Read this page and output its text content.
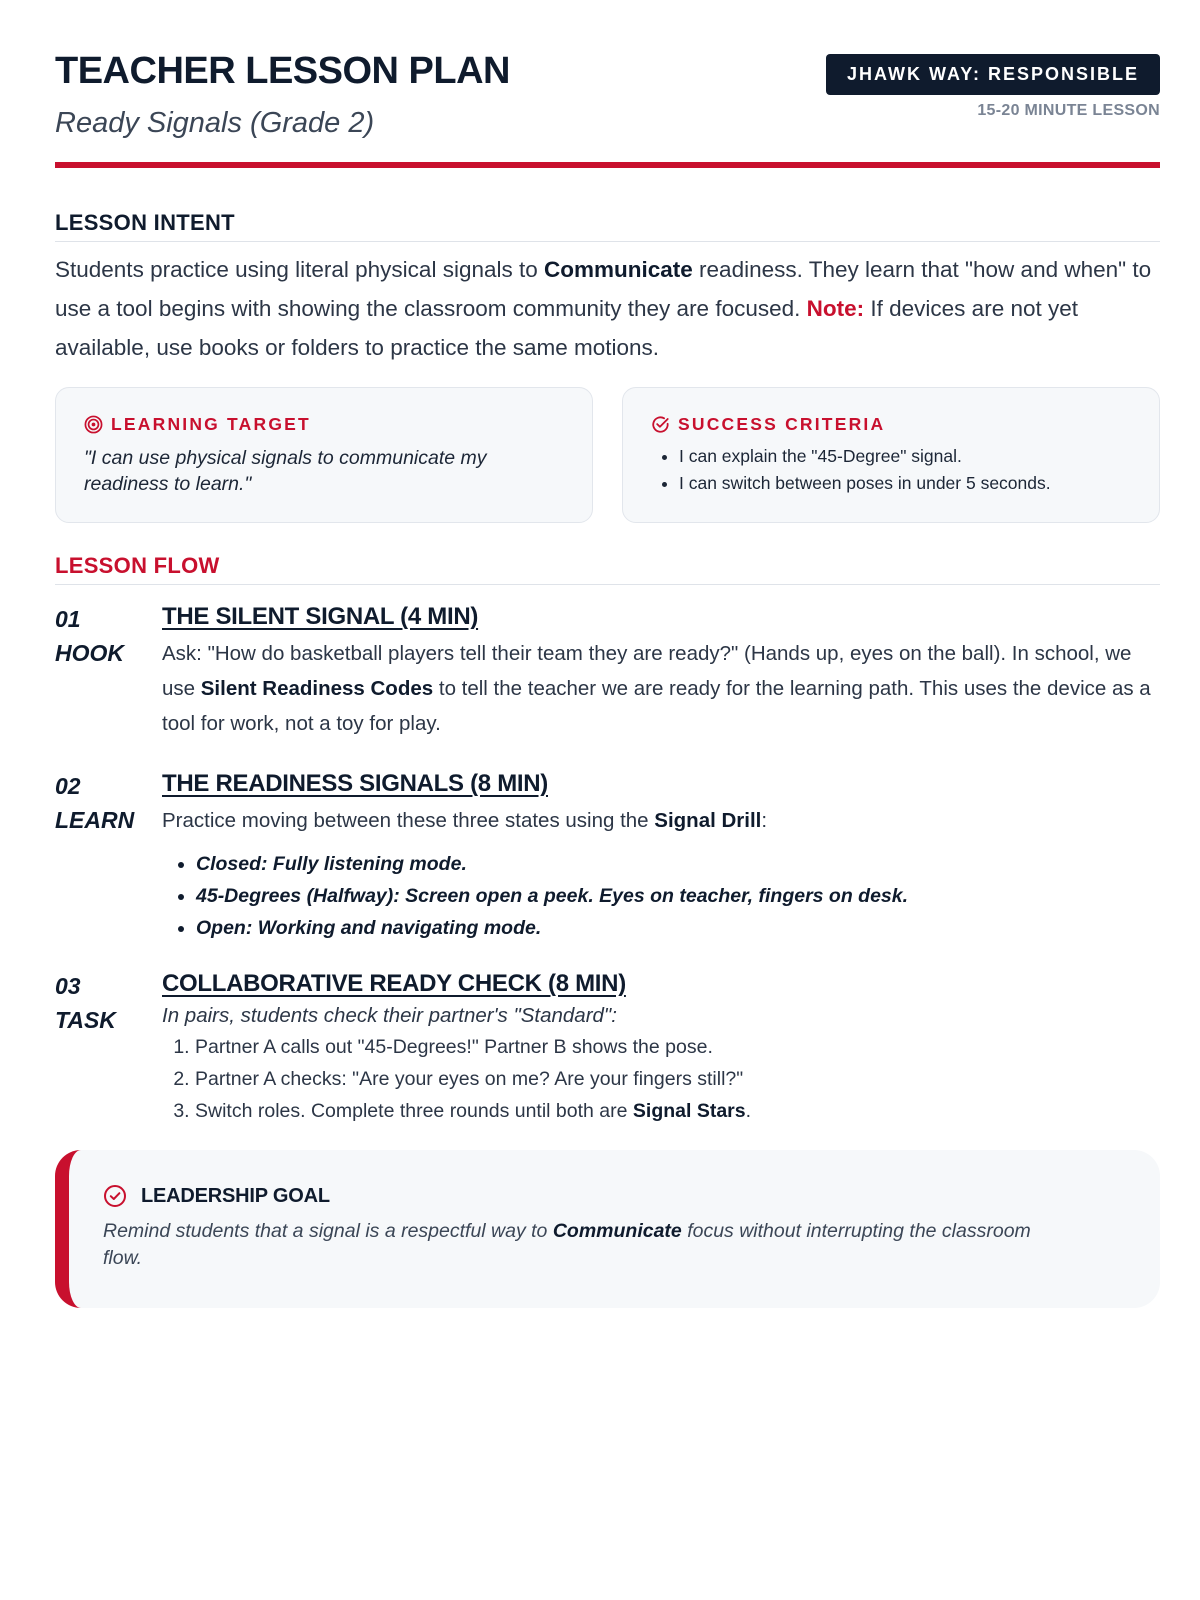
TEACHER LESSON PLAN
Ready Signals (Grade 2)
JHAWK WAY: RESPONSIBLE
15-20 MINUTE LESSON
LESSON INTENT

Students practice using literal physical signals to Communicate readiness. They learn that "how and when" to use a tool begins with showing the classroom community they are focused. Note: If devices are not yet available, use books or folders to practice the same motions.

LEARNING TARGET
"I can use physical signals to communicate my readiness to learn."
SUCCESS CRITERIA
• I can explain the "45-Degree" signal.
• I can switch between poses in under 5 seconds.
LESSON FLOW
01
HOOK
THE SILENT SIGNAL (4 MIN)

Ask: "How do basketball players tell their team they are ready?" (Hands up, eyes on the ball). In school, we use Silent Readiness Codes to tell the teacher we are ready for the learning path. This uses the device as a tool for work, not a toy for play.

02
LEARN
THE READINESS SIGNALS (8 MIN)

Practice moving between these three states using the Signal Drill:

• Closed: Fully listening mode.
• 45-Degrees (Halfway): Screen open a peek. Eyes on teacher, fingers on desk.
• Open: Working and navigating mode.
03
TASK
COLLABORATIVE READY CHECK (8 MIN)
In pairs, students check their partner's "Standard":
1. Partner A calls out "45-Degrees!" Partner B shows the pose.
2. Partner A checks: "Are your eyes on me? Are your fingers still?"
3. Switch roles. Complete three rounds until both are Signal Stars.
LEADERSHIP GOAL

Remind students that a signal is a respectful way to Communicate focus without interrupting the classroom flow.
